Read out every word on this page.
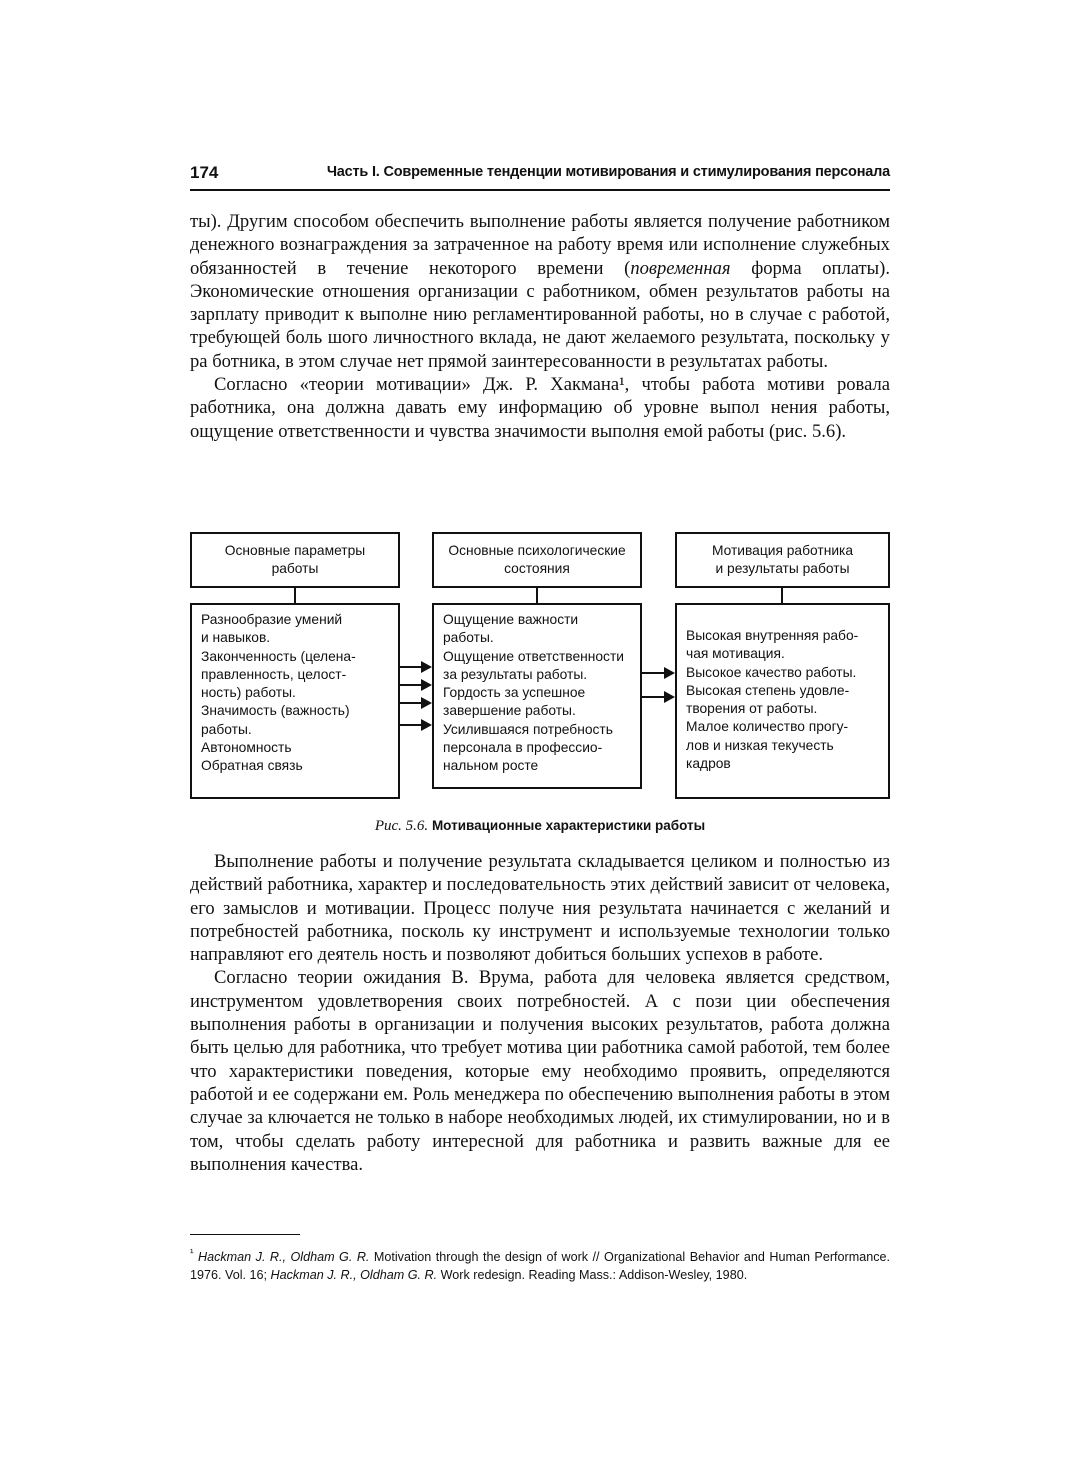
174	Часть I. Современные тенденции мотивирования и стимулирования персонала

ты). Другим способом обеспечить выполнение работы является получение работником денежного вознаграждения за затраченное на работу время или исполнение служебных обязанностей в течение некоторого времени (повременная формa оплаты). Экономические отношения организации с работником, обмен результатов работы на зарплату приводит к выполне нию регламентированной работы, но в случае с работой, требующей боль шого личностного вклада, не дают желаемого результата, поскольку у ра ботника, в этом случае нет прямой заинтересованности в результатах работы.

Согласно «теории мотивации» Дж. Р. Хакмана¹, чтобы работа мотиви ровала работника, она должна давать ему информацию об уровне выпол нения работы, ощущение ответственности и чувства значимости выполня емой работы (рис. 5.6).

Основные параметры
работы
Основные психологические
состояния
Мотивация работника
и результаты работы
Разнообразие умений
и навыков.
Законченность (целена-
правленность, целост-
ность) работы.
Значимость (важность)
работы.
Автономность
Обратная связь
Ощущение важности
работы.
Ощущение ответственности
за результаты работы.
Гордость за успешное
завершение работы.
Усилившаяся потребность
персонала в профессио-
нальном росте
Высокая внутренняя рабо-
чая мотивация.
Высокое качество работы.
Высокая степень удовле-
творения от работы.
Малое количество прогу-
лов и низкая текучесть
кадров
Рис. 5.6. Мотивационные характеристики работы

Выполнение работы и получение результата складывается целиком и полностью из действий работника, характер и последовательность этих действий зависит от человека, его замыслов и мотивации. Процесс получе ния результата начинается с желаний и потребностей работника, посколь ку инструмент и используемые технологии только направляют его деятель ность и позволяют добиться больших успехов в работе.

Согласно теории ожидания В. Врума, работа для человека является средством, инструментом удовлетворения своих потребностей. А с пози ции обеспечения выполнения работы в организации и получения высоких результатов, работа должна быть целью для работника, что требует мотива ции работника самой работой, тем более что характеристики поведения, которые ему необходимо проявить, определяются работой и ее содержани ем. Роль менеджера по обеспечению выполнения работы в этом случае за ключается не только в наборе необходимых людей, их стимулировании, но и в том, чтобы сделать работу интересной для работника и развить важные для ее выполнения качества.

$^{^1}$ Hackman J. R., Oldham G. R. Motivation through the design of work // Organizational Behavior and Human Performance. 1976. Vol. 16; Hackman J. R., Oldham G. R. Work redesign. Reading Mass.: Addison-Wesley, 1980.
